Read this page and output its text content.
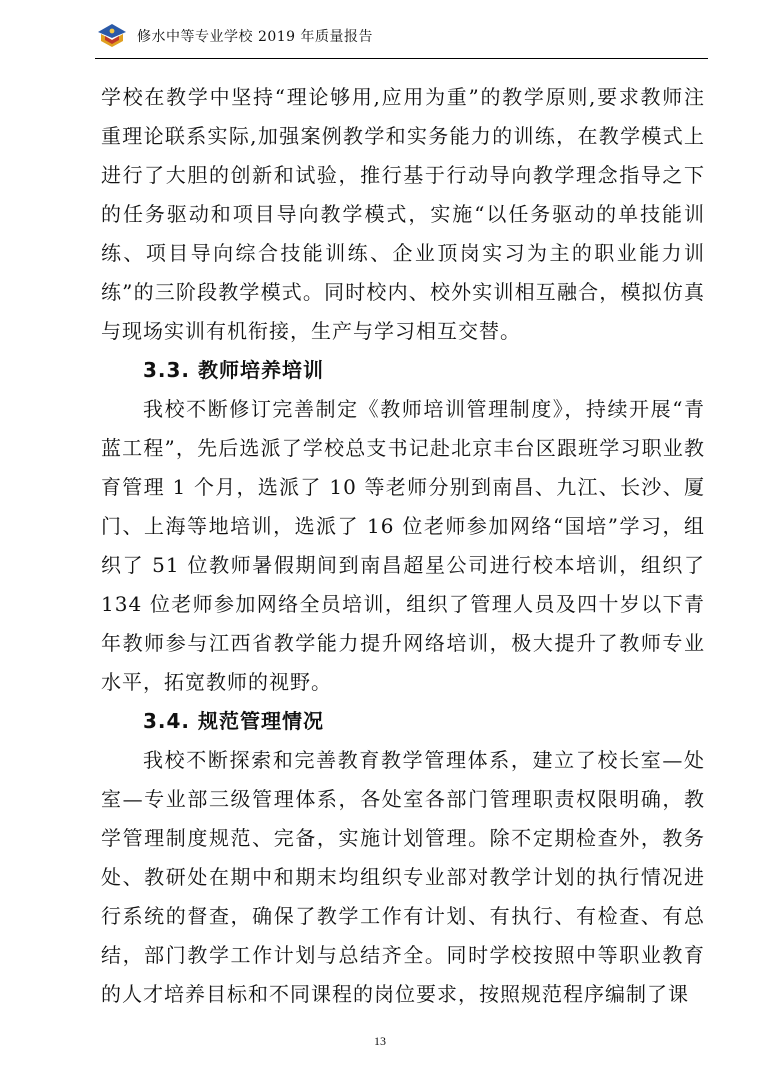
修水中等专业学校 2019 年质量报告

学校在教学中坚持“理论够用,应用为重”的教学原则,要求教师注重理论联系实际,加强案例教学和实务能力的训练，在教学模式上进行了大胆的创新和试验，推行基于行动导向教学理念指导之下的任务驱动和项目导向教学模式，实施“以任务驱动的单技能训练、项目导向综合技能训练、企业顶岗实习为主的职业能力训练”的三阶段教学模式。同时校内、校外实训相互融合，模拟仿真与现场实训有机衔接，生产与学习相互交替。

3.3. 教师培养培训

我校不断修订完善制定《教师培训管理制度》，持续开展“青蓝工程”，先后选派了学校总支书记赴北京丰台区跟班学习职业教育管理 1 个月，选派了 10 等老师分别到南昌、九江、长沙、厦门、上海等地培训，选派了 16 位老师参加网络“国培”学习，组织了 51 位教师暑假期间到南昌超星公司进行校本培训，组织了 134 位老师参加网络全员培训，组织了管理人员及四十岁以下青年教师参与江西省教学能力提升网络培训，极大提升了教师专业水平，拓宽教师的视野。

3.4. 规范管理情况

我校不断探索和完善教育教学管理体系，建立了校长室—处室—专业部三级管理体系，各处室各部门管理职责权限明确，教学管理制度规范、完备，实施计划管理。除不定期检查外，教务处、教研处在期中和期末均组织专业部对教学计划的执行情况进行系统的督查，确保了教学工作有计划、有执行、有检查、有总结，部门教学工作计划与总结齐全。同时学校按照中等职业教育的人才培养目标和不同课程的岗位要求，按照规范程序编制了课

13
